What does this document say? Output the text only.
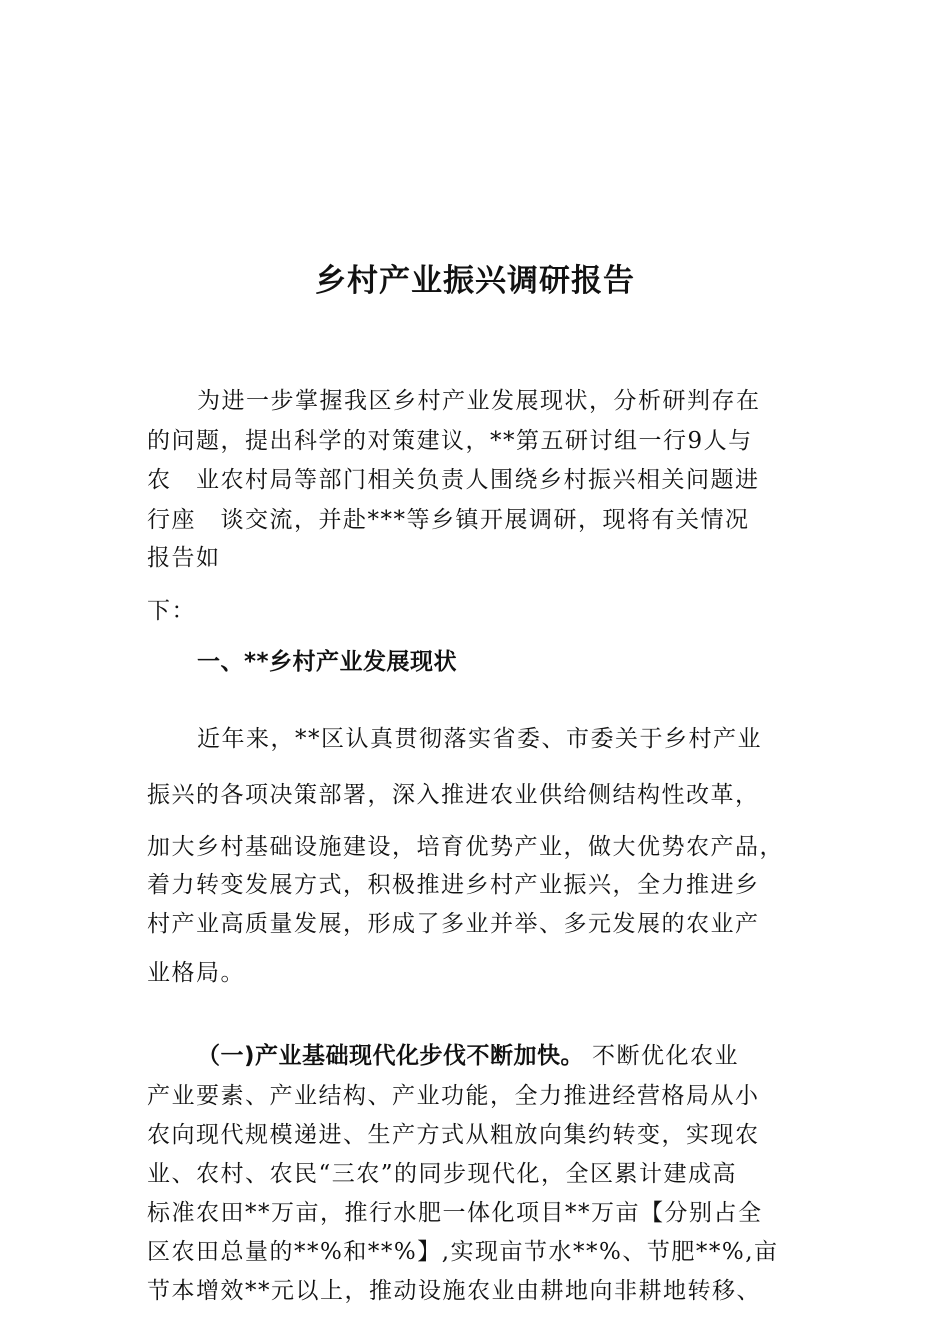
乡村产业振兴调研报告
为进一步掌握我区乡村产业发展现状，分析研判存在
的问题，提出科学的对策建议，**第五研讨组一行9人与
农　业农村局等部门相关负责人围绕乡村振兴相关问题进
行座　谈交流，并赴***等乡镇开展调研，现将有关情况
报告如
下：
一、**乡村产业发展现状
近年来，**区认真贯彻落实省委、市委关于乡村产业
振兴的各项决策部署，深入推进农业供给侧结构性改革，
加大乡村基础设施建设，培育优势产业，做大优势农产品，
着力转变发展方式，积极推进乡村产业振兴，全力推进乡
村产业高质量发展，形成了多业并举、多元发展的农业产
业格局。
（一)产业基础现代化步伐不断加快。 不断优化农业
产业要素、产业结构、产业功能，全力推进经营格局从小
农向现代规模递进、生产方式从粗放向集约转变，实现农
业、农村、农民“三农”的同步现代化，全区累计建成高
标准农田**万亩，推行水肥一体化项目**万亩【分别占全
区农田总量的**%和**%】,实现亩节水**%、节肥**%,亩
节本增效**元以上，推动设施农业由耕地向非耕地转移、
